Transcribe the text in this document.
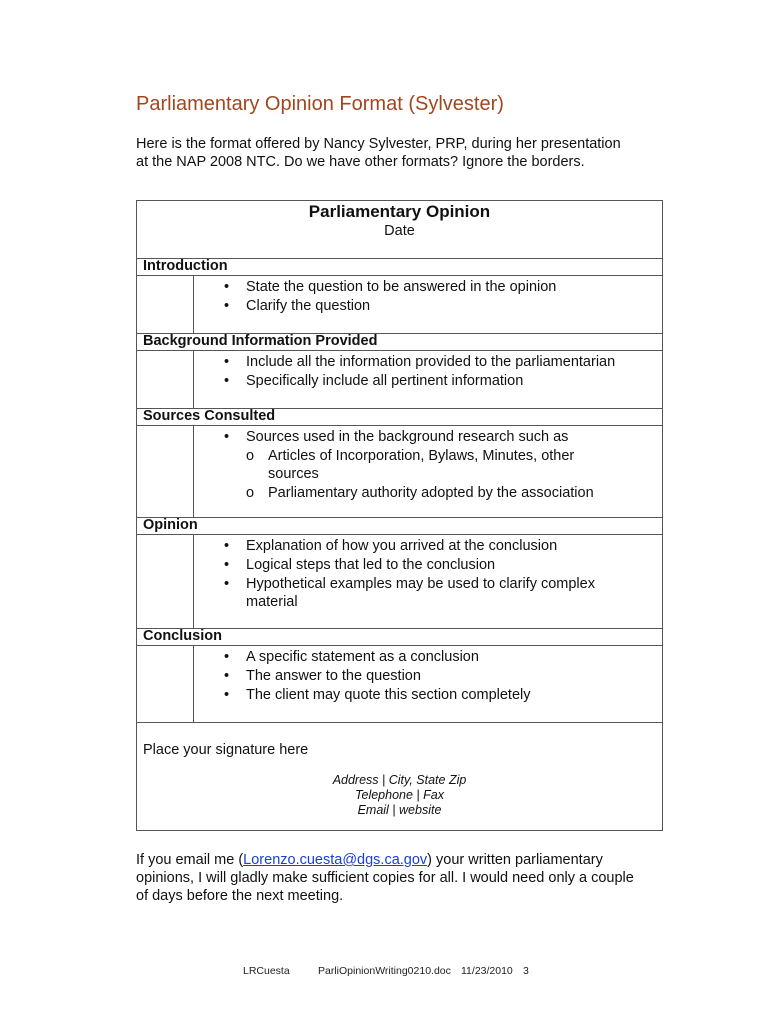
Parliamentary Opinion Format (Sylvester)
Here is the format offered by Nancy Sylvester, PRP, during her presentation
at the NAP 2008 NTC. Do we have other formats? Ignore the borders.
Parliamentary Opinion
Date
Introduction
• State the question to be answered in the opinion
• Clarify the question
Background Information Provided
• Include all the information provided to the parliamentarian
• Specifically include all pertinent information
Sources Consulted
• Sources used in the background research such as
o Articles of Incorporation, Bylaws, Minutes, other
sources
o Parliamentary authority adopted by the association
Opinion
• Explanation of how you arrived at the conclusion
• Logical steps that led to the conclusion
• Hypothetical examples may be used to clarify complex
material
Conclusion
• A specific statement as a conclusion
• The answer to the question
• The client may quote this section completely
Place your signature here
Address | City, State Zip
Telephone | Fax
Email | website
If you email me (Lorenzo.cuesta@dgs.ca.gov) your written parliamentary
opinions, I will gladly make sufficient copies for all. I would need only a couple
of days before the next meeting.
LRCuesta	ParliOpinionWriting0210.doc 11/23/2010 3
